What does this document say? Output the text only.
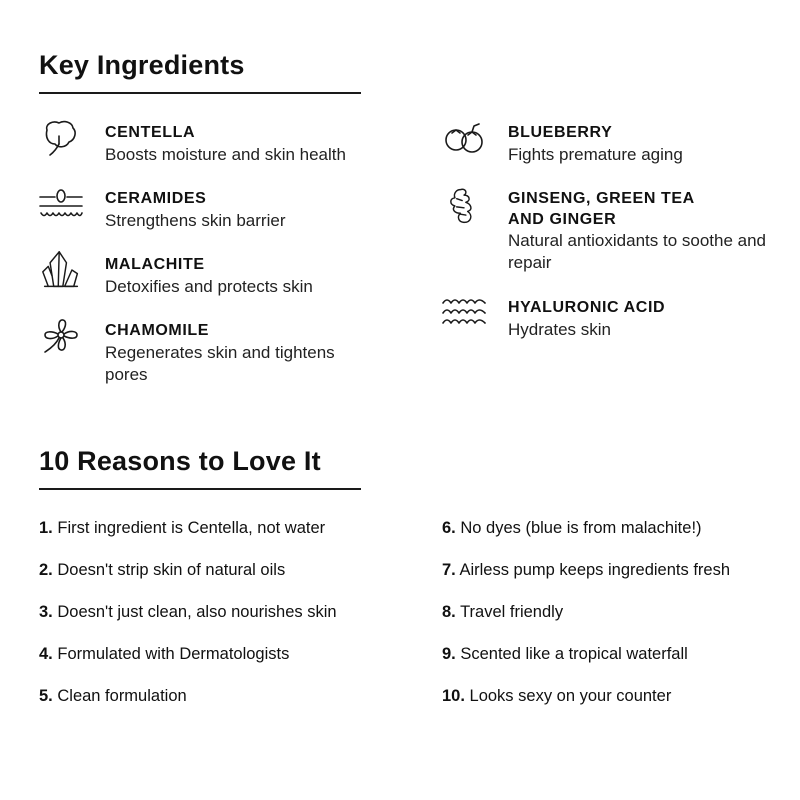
Key Ingredients
CENTELLA
Boosts moisture and skin health
CERAMIDES
Strengthens skin barrier
MALACHITE
Detoxifies and protects skin
CHAMOMILE
Regenerates skin and tightens pores
BLUEBERRY
Fights premature aging
GINSENG, GREEN TEA
AND GINGER
Natural antioxidants to soothe and repair
HYALURONIC ACID
Hydrates skin
10 Reasons to Love It
1. First ingredient is Centella, not water
2. Doesn't strip skin of natural oils
3. Doesn't just clean, also nourishes skin
4. Formulated with Dermatologists
5. Clean formulation
6. No dyes (blue is from malachite!)
7. Airless pump keeps ingredients fresh
8. Travel friendly
9. Scented like a tropical waterfall
10. Looks sexy on your counter
